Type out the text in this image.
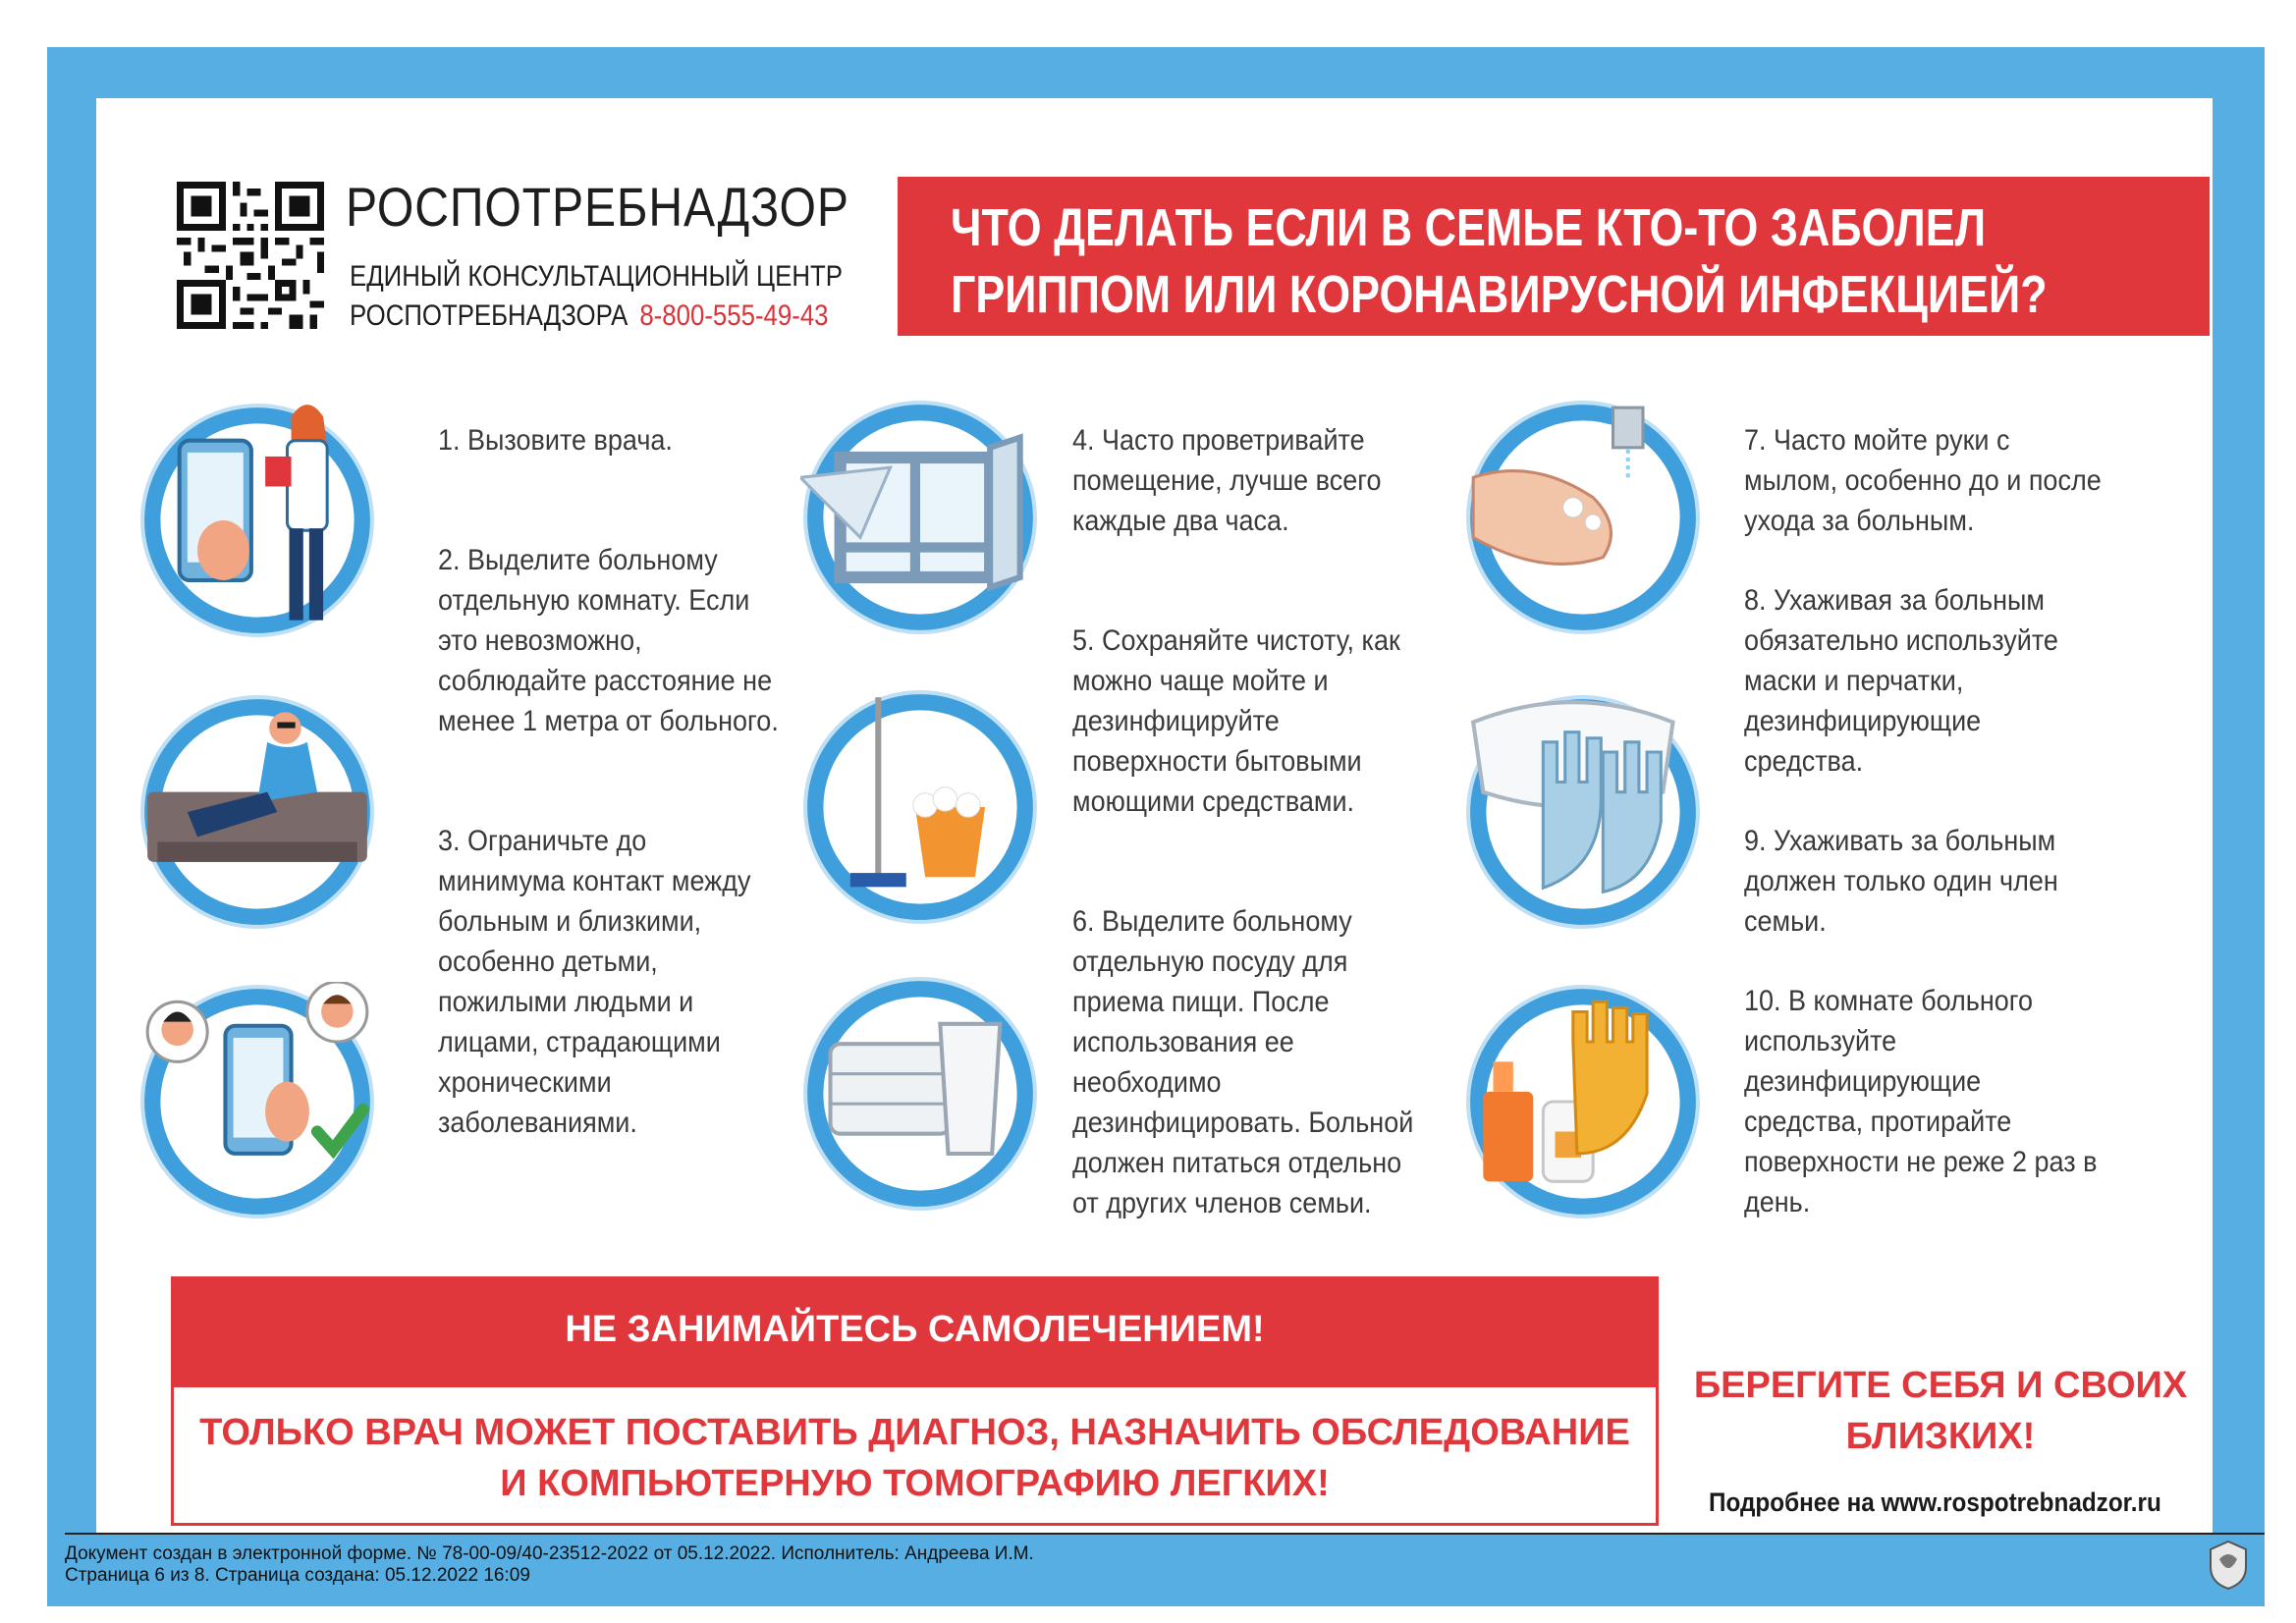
РОСПОТРЕБНАДЗОР
ЕДИНЫЙ КОНСУЛЬТАЦИОННЫЙ ЦЕНТР
РОСПОТРЕБНАДЗОРА 8-800-555-49-43
ЧТО ДЕЛАТЬ ЕСЛИ В СЕМЬЕ КТО-ТО ЗАБОЛЕЛ
ГРИППОМ ИЛИ КОРОНАВИРУСНОЙ ИНФЕКЦИЕЙ?
1. Вызовите врача.
2. Выделите больному
отдельную комнату. Если
это невозможно,
соблюдайте расстояние не
менее 1 метра от больного.
3. Ограничьте до
минимума контакт между
больным и близкими,
особенно детьми,
пожилыми людьми и
лицами, страдающими
хроническими
заболеваниями.
4. Часто проветривайте
помещение, лучше всего
каждые два часа.
5. Сохраняйте чистоту, как
можно чаще мойте и
дезинфицируйте
поверхности бытовыми
моющими средствами.
6. Выделите больному
отдельную посуду для
приема пищи. После
использования ее
необходимо
дезинфицировать. Больной
должен питаться отдельно
от других членов семьи.
7. Часто мойте руки с
мылом, особенно до и после
ухода за больным.
8. Ухаживая за больным
обязательно используйте
маски и перчатки,
дезинфицирующие
средства.
9. Ухаживать за больным
должен только один член
семьи.
10. В комнате больного
используйте
дезинфицирующие
средства, протирайте
поверхности не реже 2 раз в
день.
НЕ ЗАНИМАЙТЕСЬ САМОЛЕЧЕНИЕМ!
ТОЛЬКО ВРАЧ МОЖЕТ ПОСТАВИТЬ ДИАГНОЗ, НАЗНАЧИТЬ ОБСЛЕДОВАНИЕ
И КОМПЬЮТЕРНУЮ ТОМОГРАФИЮ ЛЕГКИХ!
БЕРЕГИТЕ СЕБЯ И СВОИХ
БЛИЗКИХ!
Подробнее на www.rospotrebnadzor.ru
Документ создан в электронной форме. № 78-00-09/40-23512-2022 от 05.12.2022. Исполнитель: Андреева И.М.
Страница 6 из 8. Страница создана: 05.12.2022 16:09
